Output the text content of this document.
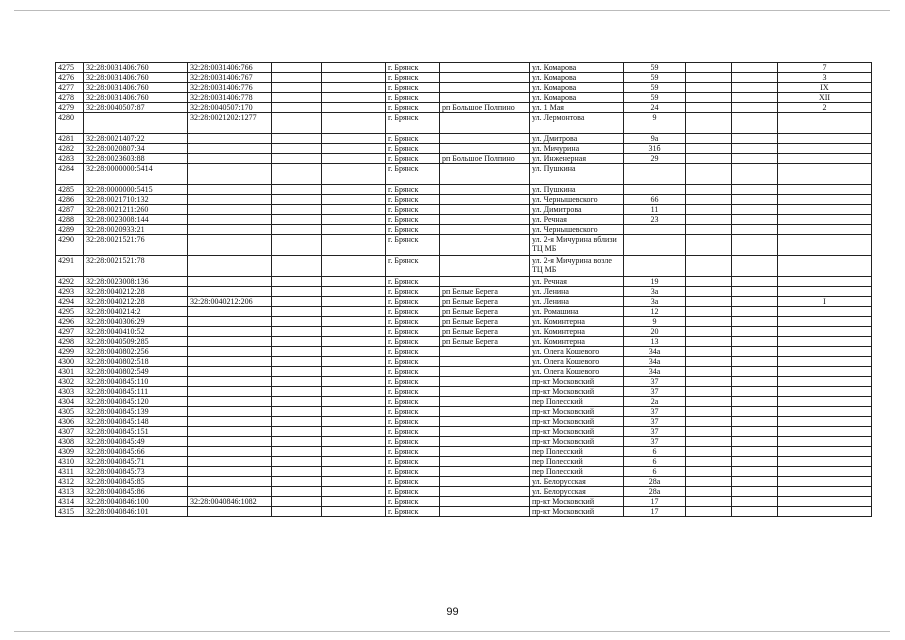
4275	32:28:0031406:760	32:28:0031406:766			г. Брянск		ул. Комарова	59			7
4276	32:28:0031406:760	32:28:0031406:767			г. Брянск		ул. Комарова	59			3
4277	32:28:0031406:760	32:28:0031406:776			г. Брянск		ул. Комарова	59			IX
4278	32:28:0031406:760	32:28:0031406:778			г. Брянск		ул. Комарова	59			XII
4279	32:28:0040507:87	32:28:0040507:170			г. Брянск	рп Большое Полпино	ул. 1 Мая	24			2
4280		32:28:0021202:1277			г. Брянск		ул. Лермонтова	9			
4281	32:28:0021407:22				г. Брянск		ул. Дмитрова	9а			
4282	32:28:0020807:34				г. Брянск		ул. Мичурина	31б			
4283	32:28:0023603:88				г. Брянск	рп Большое Полпино	ул. Инженерная	29			
4284	32:28:0000000:5414				г. Брянск		ул. Пушкина				
4285	32:28:0000000:5415				г. Брянск		ул. Пушкина				
4286	32:28:0021710:132				г. Брянск		ул. Чернышевского	66			
4287	32:28:0021211:260				г. Брянск		ул. Димитрова	11			
4288	32:28:0023008:144				г. Брянск		ул. Речная	23			
4289	32:28:0020933:21				г. Брянск		ул. Чернышевского				
4290	32:28:0021521:76				г. Брянск		ул. 2-я Мичурина вблизи ТЦ МБ				
4291	32:28:0021521:78				г. Брянск		ул. 2-я Мичурина возле ТЦ МБ				
4292	32:28:0023008:136				г. Брянск		ул. Речная	19			
4293	32:28:0040212:28				г. Брянск	рп Белые Берега	ул. Ленина	3а			
4294	32:28:0040212:28	32:28:0040212:206			г. Брянск	рп Белые Берега	ул. Ленина	3а			I
4295	32:28:0040214:2				г. Брянск	рп Белые Берега	ул. Ромашина	12			
4296	32:28:0040306:29				г. Брянск	рп Белые Берега	ул. Коминтерна	9			
4297	32:28:0040410:52				г. Брянск	рп Белые Берега	ул. Коминтерна	20			
4298	32:28:0040509:285				г. Брянск	рп Белые Берега	ул. Коминтерна	13			
4299	32:28:0040802:256				г. Брянск		ул. Олега Кошевого	34а			
4300	32:28:0040802:518				г. Брянск		ул. Олега Кошевого	34а			
4301	32:28:0040802:549				г. Брянск		ул. Олега Кошевого	34а			
4302	32:28:0040845:110				г. Брянск		пр-кт Московский	37			
4303	32:28:0040845:111				г. Брянск		пр-кт Московский	37			
4304	32:28:0040845:120				г. Брянск		пер Полесский	2а			
4305	32:28:0040845:139				г. Брянск		пр-кт Московский	37			
4306	32:28:0040845:148				г. Брянск		пр-кт Московский	37			
4307	32:28:0040845:151				г. Брянск		пр-кт Московский	37			
4308	32:28:0040845:49				г. Брянск		пр-кт Московский	37			
4309	32:28:0040845:66				г. Брянск		пер Полесский	6			
4310	32:28:0040845:71				г. Брянск		пер Полесский	6			
4311	32:28:0040845:73				г. Брянск		пер Полесский	6			
4312	32:28:0040845:85				г. Брянск		ул. Белорусская	28а			
4313	32:28:0040845:86				г. Брянск		ул. Белорусская	28а			
4314	32:28:0040846:100	32:28:0040846:1082			г. Брянск		пр-кт Московский	17			
4315	32:28:0040846:101				г. Брянск		пр-кт Московский	17			
99
